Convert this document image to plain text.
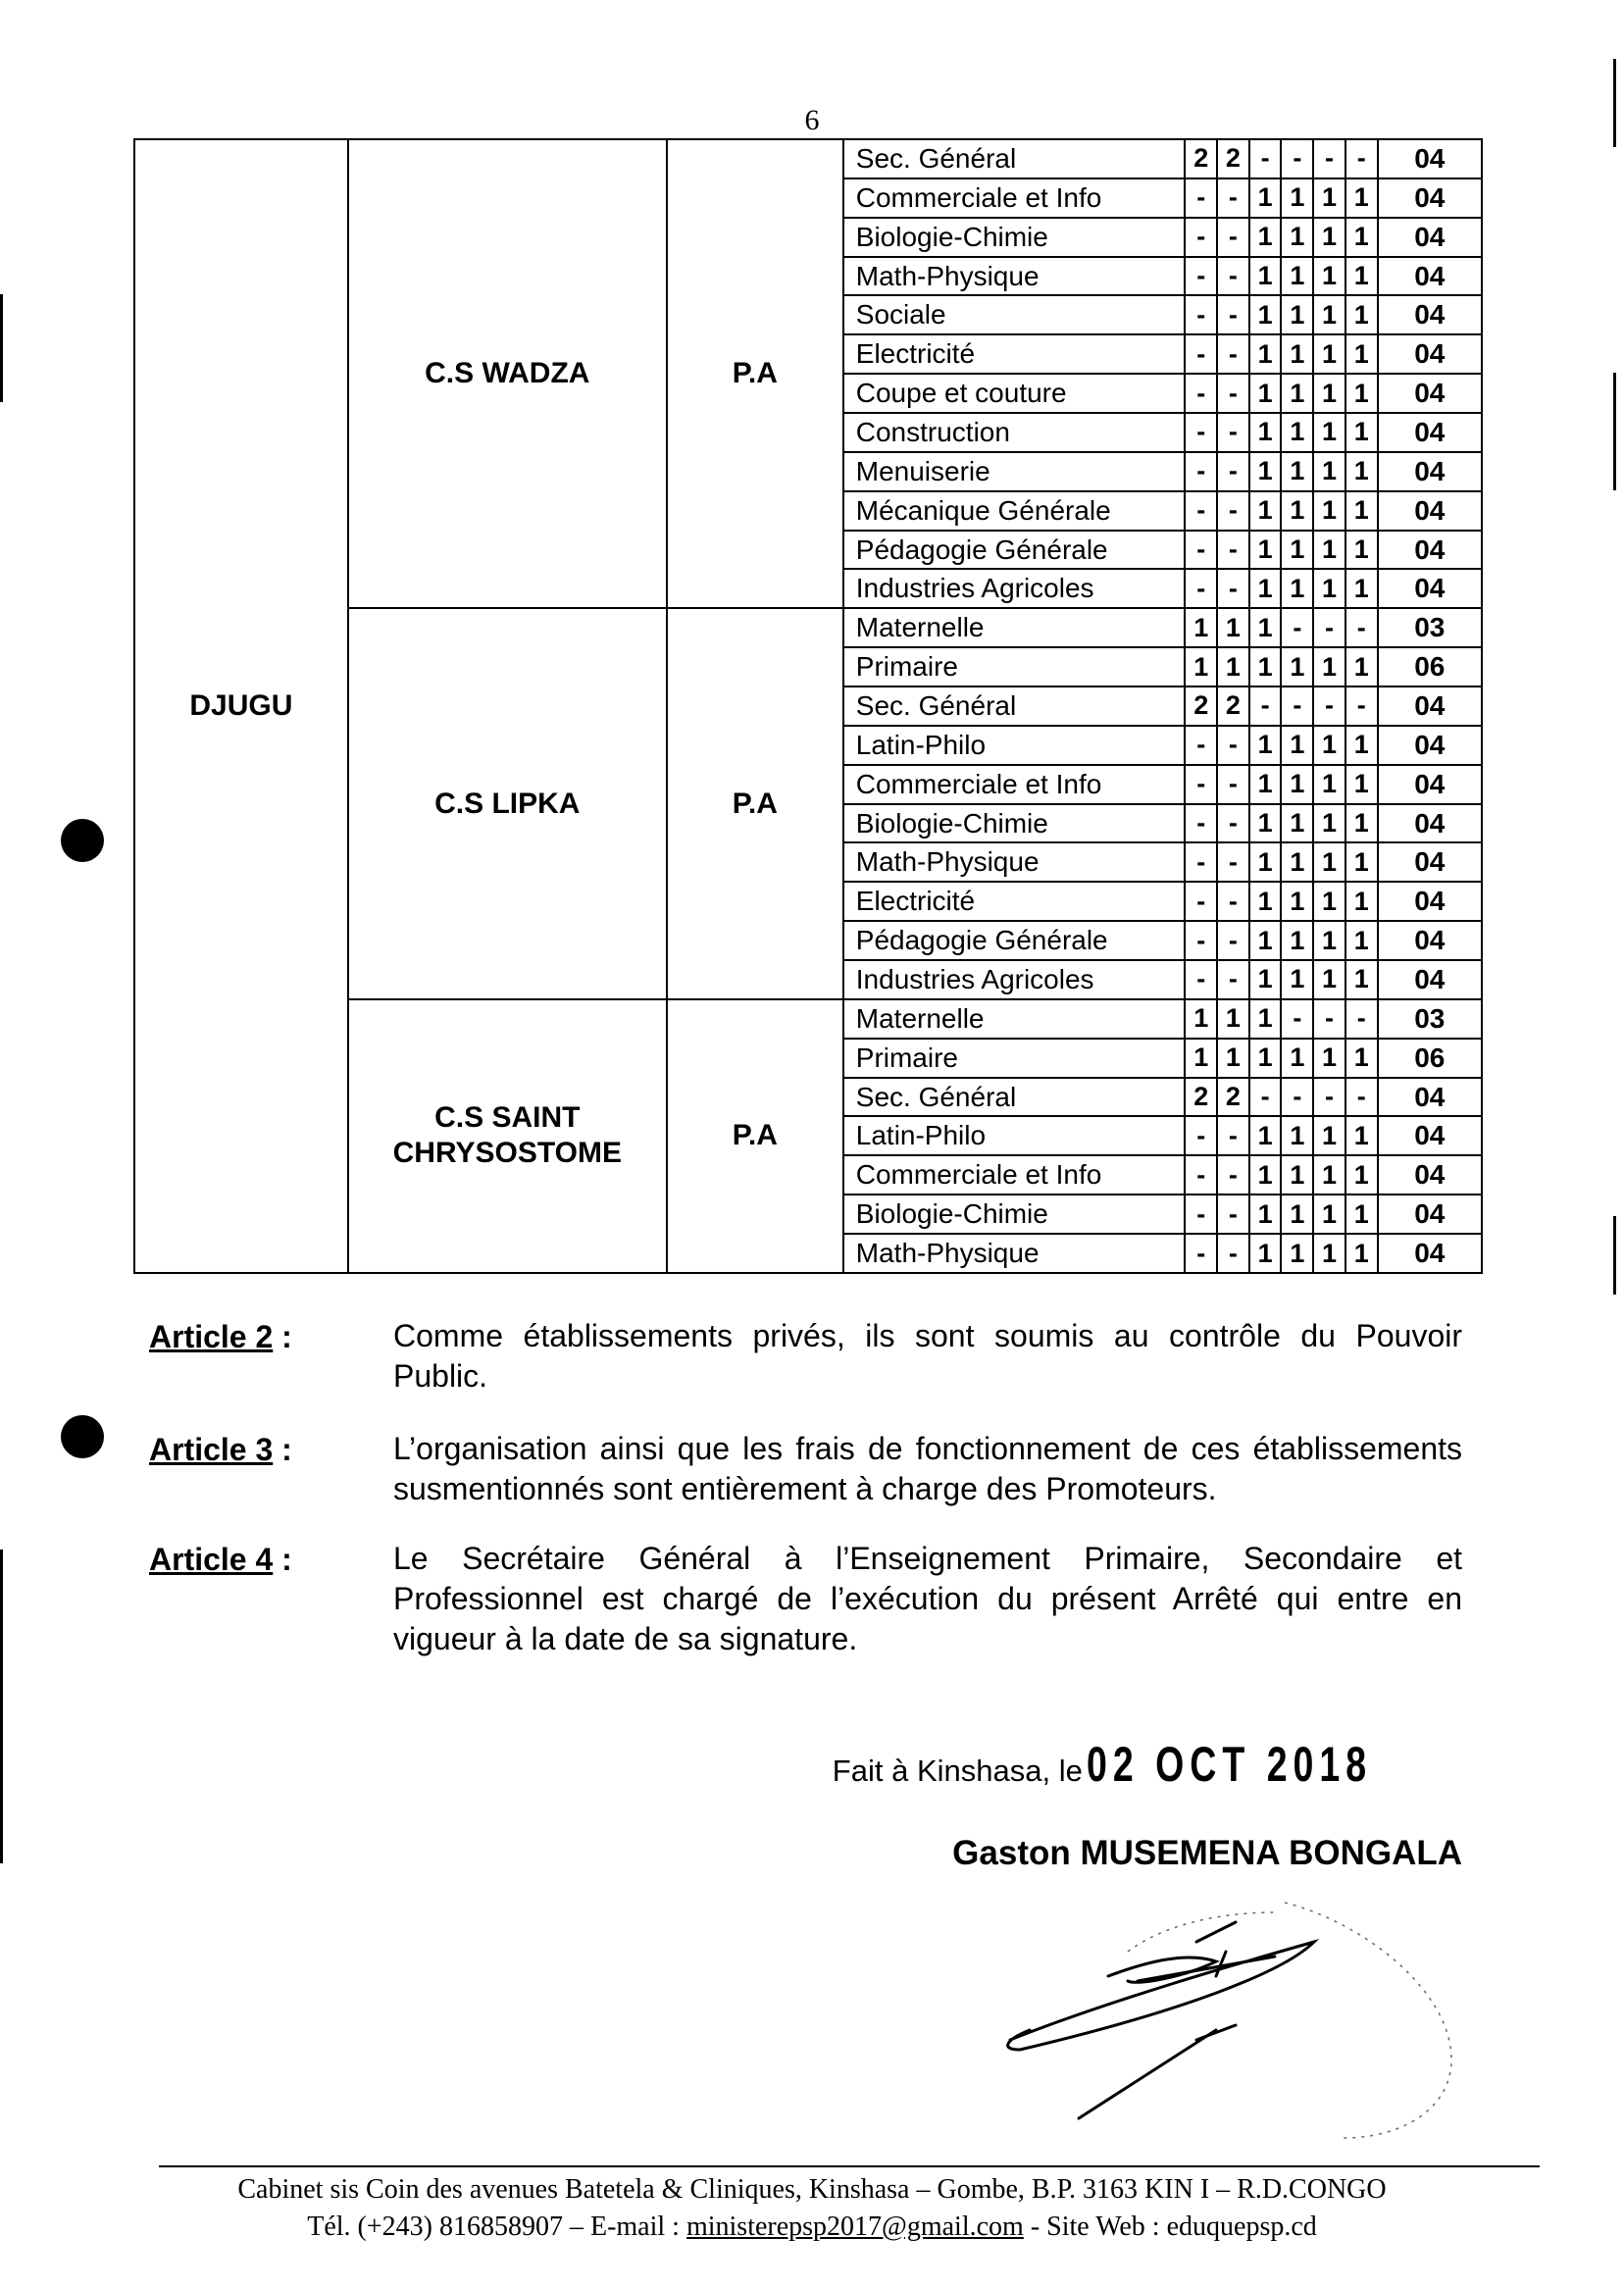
6
DJUGU	C.S WADZA	P.A	Sec. Général	2	2	-	-	-	-	04
			Commerciale et Info	-	-	1	1	1	1	04
			Biologie-Chimie	-	-	1	1	1	1	04
			Math-Physique	-	-	1	1	1	1	04
			Sociale	-	-	1	1	1	1	04
			Electricité	-	-	1	1	1	1	04
			Coupe et couture	-	-	1	1	1	1	04
			Construction	-	-	1	1	1	1	04
			Menuiserie	-	-	1	1	1	1	04
			Mécanique Générale	-	-	1	1	1	1	04
			Pédagogie Générale	-	-	1	1	1	1	04
			Industries Agricoles	-	-	1	1	1	1	04
	C.S LIPKA	P.A	Maternelle	1	1	1	-	-	-	03
			Primaire	1	1	1	1	1	1	06
			Sec. Général	2	2	-	-	-	-	04
			Latin-Philo	-	-	1	1	1	1	04
			Commerciale et Info	-	-	1	1	1	1	04
			Biologie-Chimie	-	-	1	1	1	1	04
			Math-Physique	-	-	1	1	1	1	04
			Electricité	-	-	1	1	1	1	04
			Pédagogie Générale	-	-	1	1	1	1	04
			Industries Agricoles	-	-	1	1	1	1	04
	C.S SAINT CHRYSOSTOME	P.A	Maternelle	1	1	1	-	-	-	03
			Primaire	1	1	1	1	1	1	06
			Sec. Général	2	2	-	-	-	-	04
			Latin-Philo	-	-	1	1	1	1	04
			Commerciale et Info	-	-	1	1	1	1	04
			Biologie-Chimie	-	-	1	1	1	1	04
			Math-Physique	-	-	1	1	1	1	04
Article 2 :	Comme établissements privés, ils sont soumis au contrôle du Pouvoir Public.
Article 3 :	L’organisation ainsi que les frais de fonctionnement de ces établissements susmentionnés sont entièrement à charge des Promoteurs.
Article 4 :	Le Secrétaire Général à l’Enseignement Primaire, Secondaire et Professionnel est chargé de l’exécution du présent Arrêté qui entre en vigueur à la date de sa signature.
Fait à Kinshasa, le 02 OCT 2018
Gaston MUSEMENA BONGALA
Cabinet sis Coin des avenues Batetela & Cliniques, Kinshasa – Gombe, B.P. 3163 KIN I – R.D.CONGO
Tél. (+243) 816858907 – E-mail : ministerepsp2017@gmail.com - Site Web : eduquepsp.cd
